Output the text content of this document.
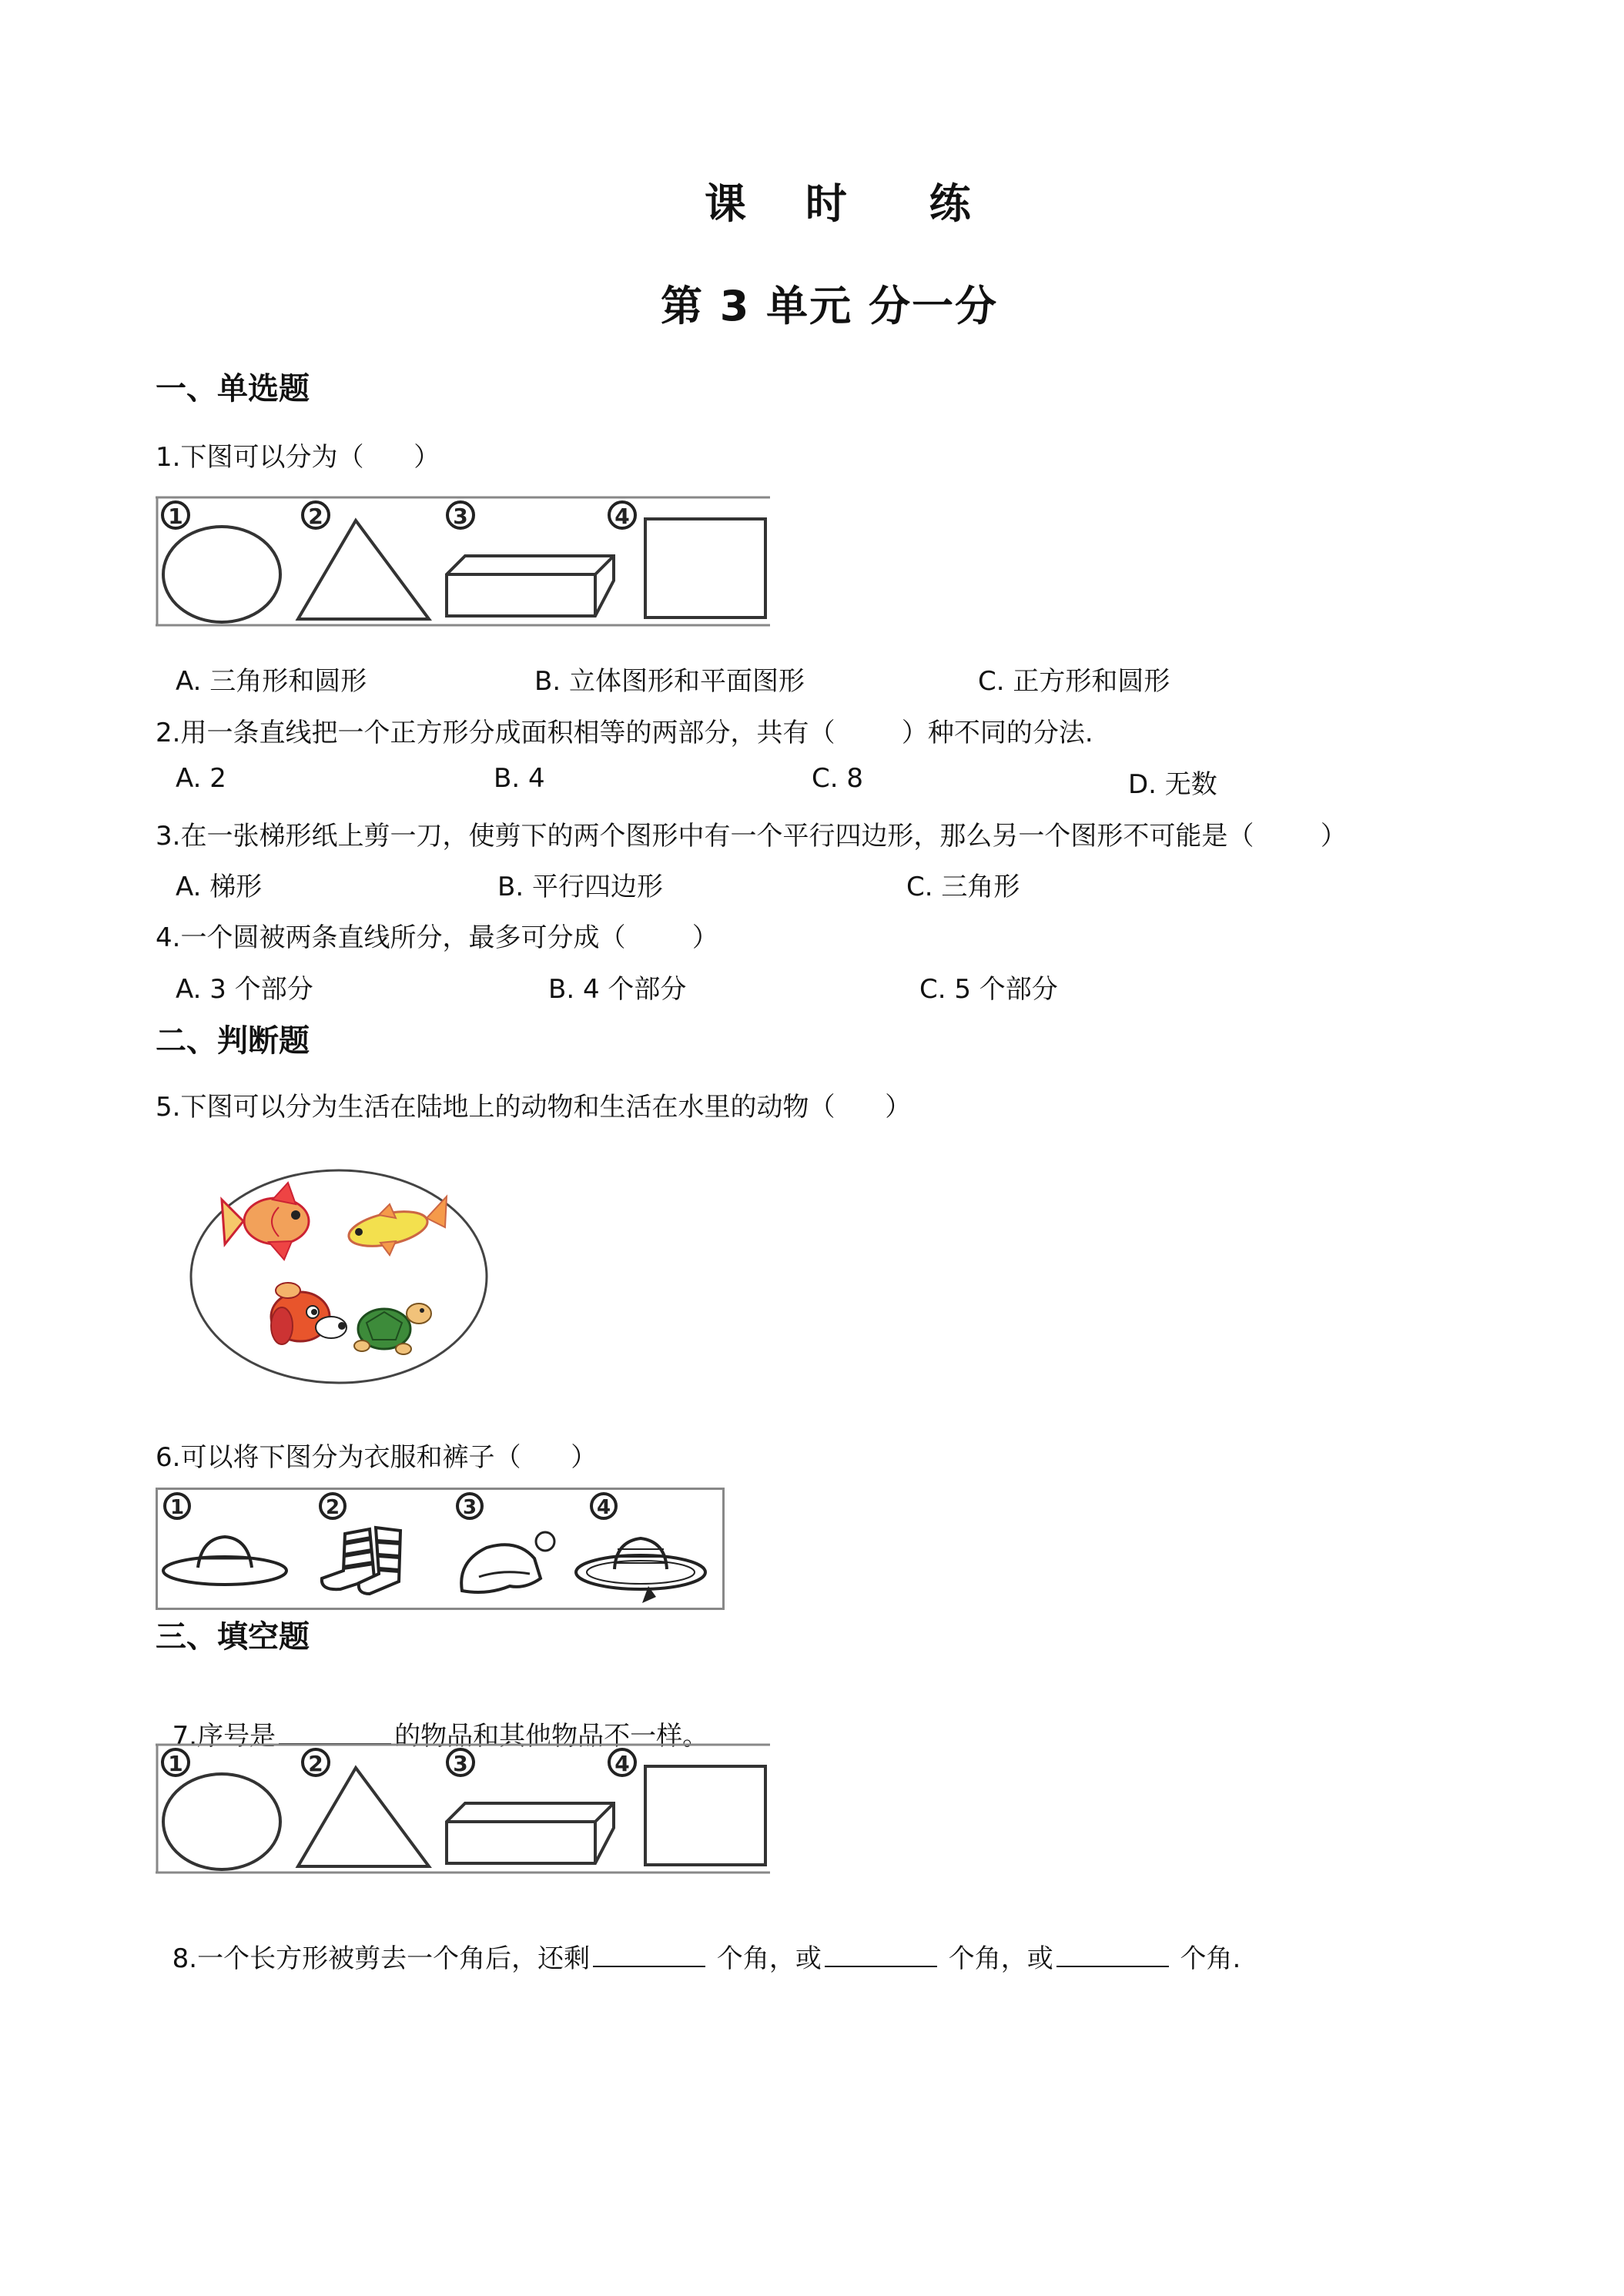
课 时 练
第 3 单元 分一分
一、单选题
1.下图可以分为（      ）
1	2	3	4
A. 三角形和圆形	B. 立体图形和平面图形	C. 正方形和圆形
2.用一条直线把一个正方形分成面积相等的两部分，共有（        ）种不同的分法.
A. 2	B. 4	C. 8	D. 无数
3.在一张梯形纸上剪一刀，使剪下的两个图形中有一个平行四边形，那么另一个图形不可能是（        ）
A. 梯形	B. 平行四边形	C. 三角形
4.一个圆被两条直线所分，最多可分成（        ）
A. 3 个部分	B. 4 个部分	C. 5 个部分
二、判断题
5.下图可以分为生活在陆地上的动物和生活在水里的动物（      ）
6.可以将下图分为衣服和裤子（      ）
1	2	3	4
三、填空题

7.序号是	的物品和其他物品不一样。

1	2	3	4

8.一个长方形被剪去一个角后，还剩	个角，或	个角，或	个角.
